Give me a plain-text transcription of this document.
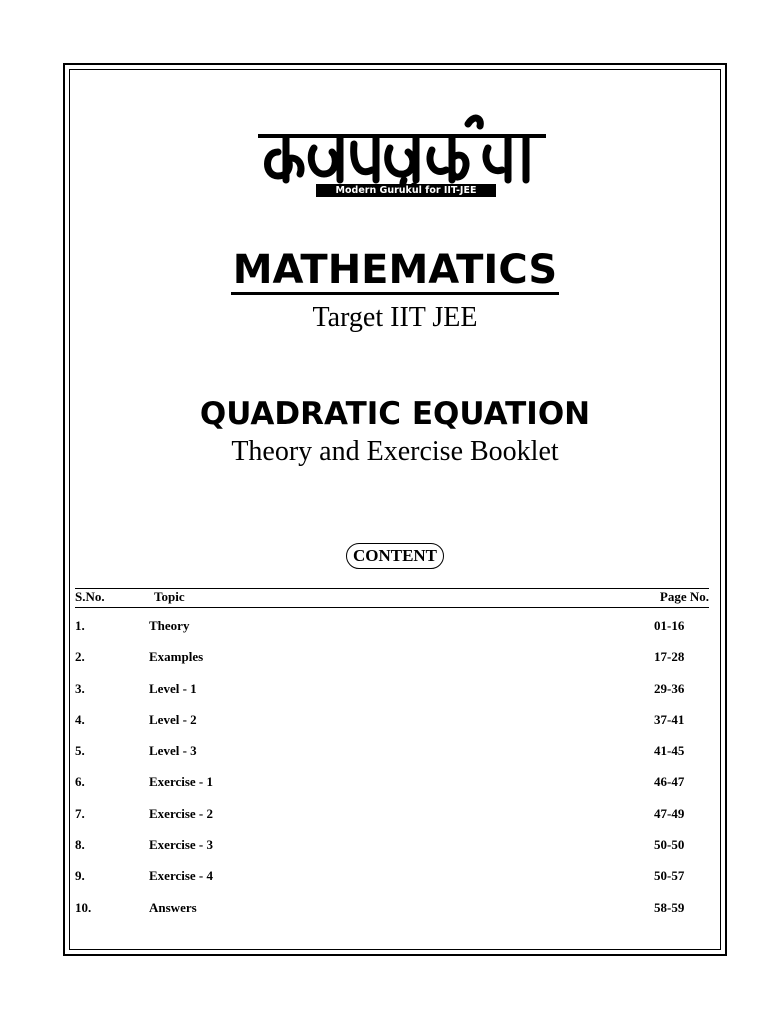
Modern Gurukul for IIT-JEE
MATHEMATICS
Target IIT JEE
QUADRATIC EQUATION
Theory and Exercise Booklet
CONTENT
S.No.	Topic	Page No.
1.	Theory	01-16
2.	Examples	17-28
3.	Level - 1	29-36
4.	Level - 2	37-41
5.	Level - 3	41-45
6.	Exercise - 1	46-47
7.	Exercise - 2	47-49
8.	Exercise - 3	50-50
9.	Exercise - 4	50-57
10.	Answers	58-59
